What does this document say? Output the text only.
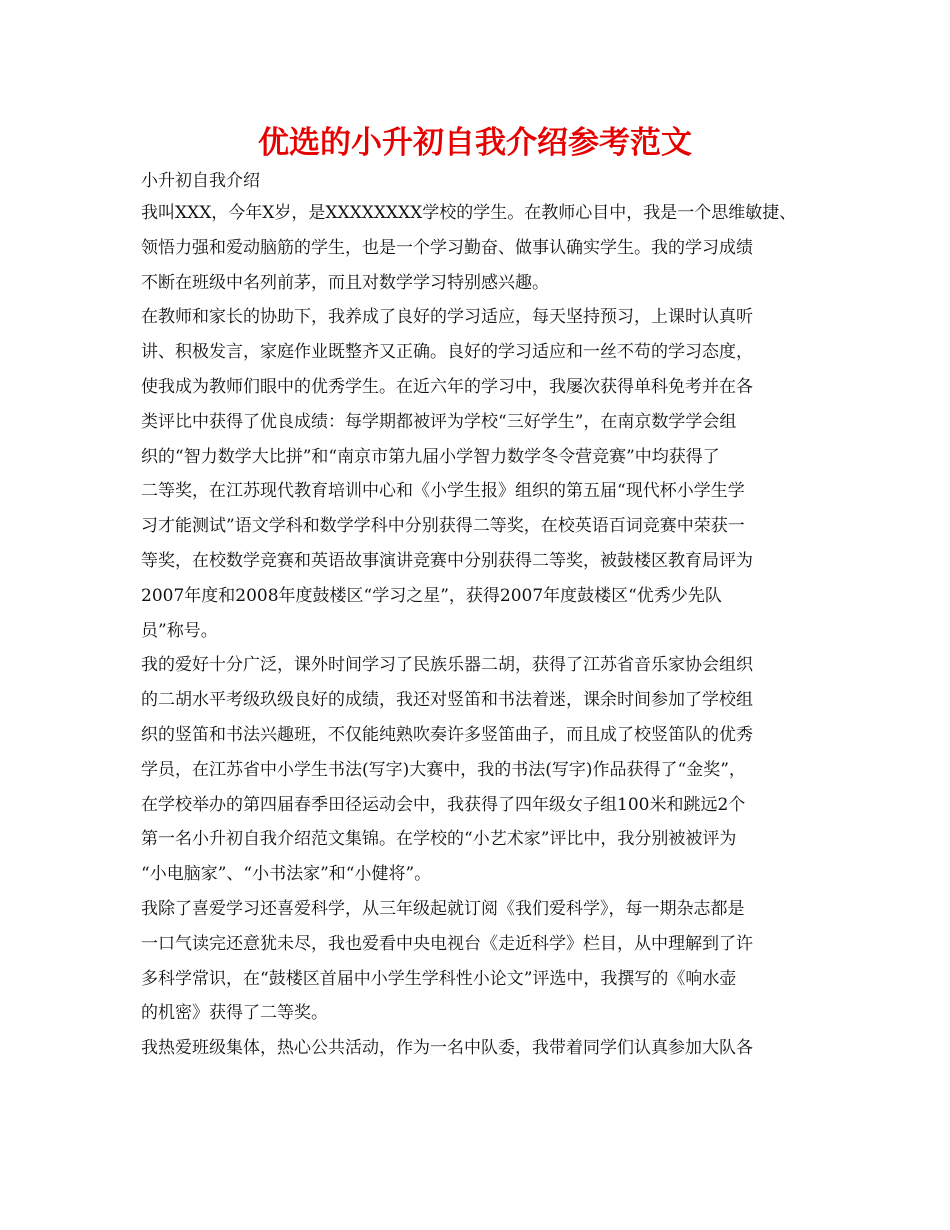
优选的小升初自我介绍参考范文
小升初自我介绍
我叫XXX，今年X岁，是XXXXXXXX学校的学生。在教师心目中，我是一个思维敏捷、
领悟力强和爱动脑筋的学生，也是一个学习勤奋、做事认确实学生。我的学习成绩
不断在班级中名列前茅，而且对数学学习特别感兴趣。
在教师和家长的协助下，我养成了良好的学习适应，每天坚持预习，上课时认真听
讲、积极发言，家庭作业既整齐又正确。良好的学习适应和一丝不苟的学习态度，
使我成为教师们眼中的优秀学生。在近六年的学习中，我屡次获得单科免考并在各
类评比中获得了优良成绩：每学期都被评为学校“三好学生”，在南京数学学会组
织的“智力数学大比拼”和“南京市第九届小学智力数学冬令营竞赛”中均获得了
二等奖，在江苏现代教育培训中心和《小学生报》组织的第五届“现代杯小学生学
习才能测试”语文学科和数学学科中分别获得二等奖，在校英语百词竞赛中荣获一
等奖，在校数学竞赛和英语故事演讲竞赛中分别获得二等奖，被鼓楼区教育局评为
2007年度和2008年度鼓楼区“学习之星”，获得2007年度鼓楼区“优秀少先队
员”称号。
我的爱好十分广泛，课外时间学习了民族乐器二胡，获得了江苏省音乐家协会组织
的二胡水平考级玖级良好的成绩，我还对竖笛和书法着迷，课余时间参加了学校组
织的竖笛和书法兴趣班，不仅能纯熟吹奏许多竖笛曲子，而且成了校竖笛队的优秀
学员，在江苏省中小学生书法(写字)大赛中，我的书法(写字)作品获得了“金奖”，
在学校举办的第四届春季田径运动会中，我获得了四年级女子组100米和跳远2个
第一名小升初自我介绍范文集锦。在学校的“小艺术家”评比中，我分别被被评为
“小电脑家”、“小书法家”和“小健将”。
我除了喜爱学习还喜爱科学，从三年级起就订阅《我们爱科学》，每一期杂志都是
一口气读完还意犹未尽，我也爱看中央电视台《走近科学》栏目，从中理解到了许
多科学常识，在“鼓楼区首届中小学生学科性小论文”评选中，我撰写的《响水壶
的机密》获得了二等奖。
我热爱班级集体，热心公共活动，作为一名中队委，我带着同学们认真参加大队各
